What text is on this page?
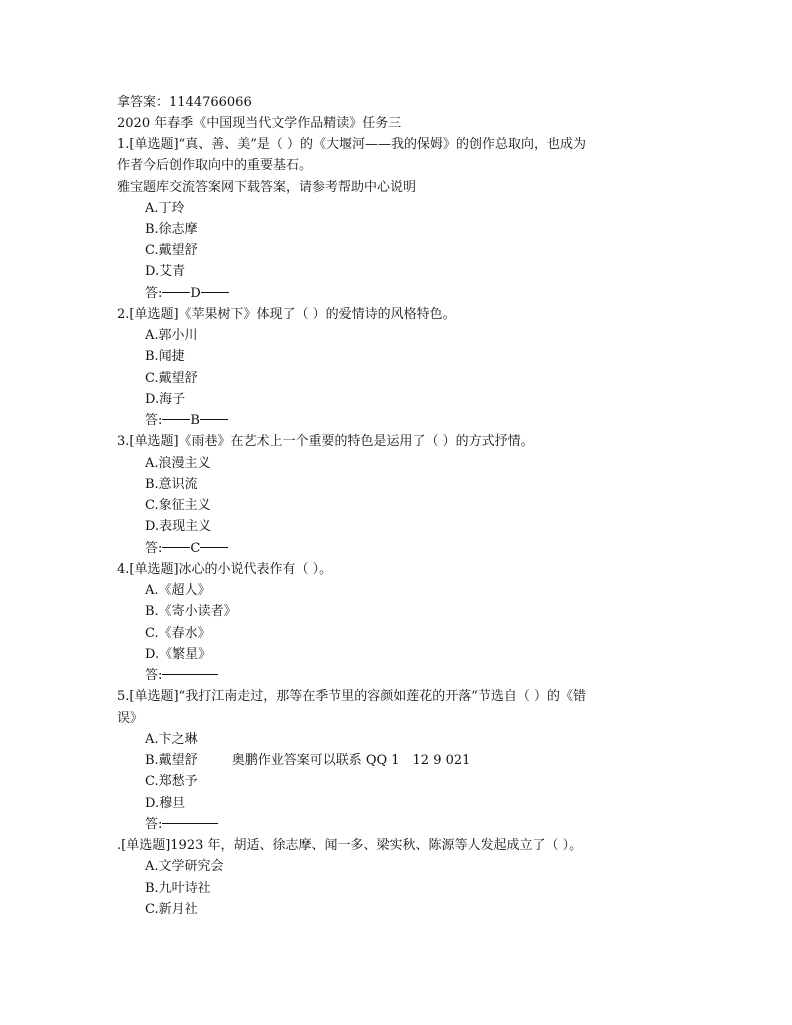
拿答案：1144766066
2020 年春季《中国现当代文学作品精读》任务三
1.[单选题]“真、善、美”是（ ）的《大堰河——我的保姆》的创作总取向，也成为
作者今后创作取向中的重要基石。
雅宝题库交流答案网下载答案，请参考帮助中心说明
A.丁玲
B.徐志摩
C.戴望舒
D.艾青
答: D
2.[单选题]《苹果树下》体现了（ ）的爱情诗的风格特色。
A.郭小川
B.闻捷
C.戴望舒
D.海子
答: B
3.[单选题]《雨巷》在艺术上一个重要的特色是运用了（ ）的方式抒情。
A.浪漫主义
B.意识流
C.象征主义
D.表现主义
答: C
4.[单选题]冰心的小说代表作有（ ）。
A.《超人》
B.《寄小读者》
C.《春水》
D.《繁星》
答:
5.[单选题]“我打江南走过，那等在季节里的容颜如莲花的开落”节选自（ ）的《错
误》
A.卞之琳
B.戴望舒	奥鹏作业答案可以联系 QQ 1　12 9 021
C.郑愁予
D.穆旦
答:
.[单选题]1923 年，胡适、徐志摩、闻一多、梁实秋、陈源等人发起成立了（ ）。
A.文学研究会
B.九叶诗社
C.新月社
